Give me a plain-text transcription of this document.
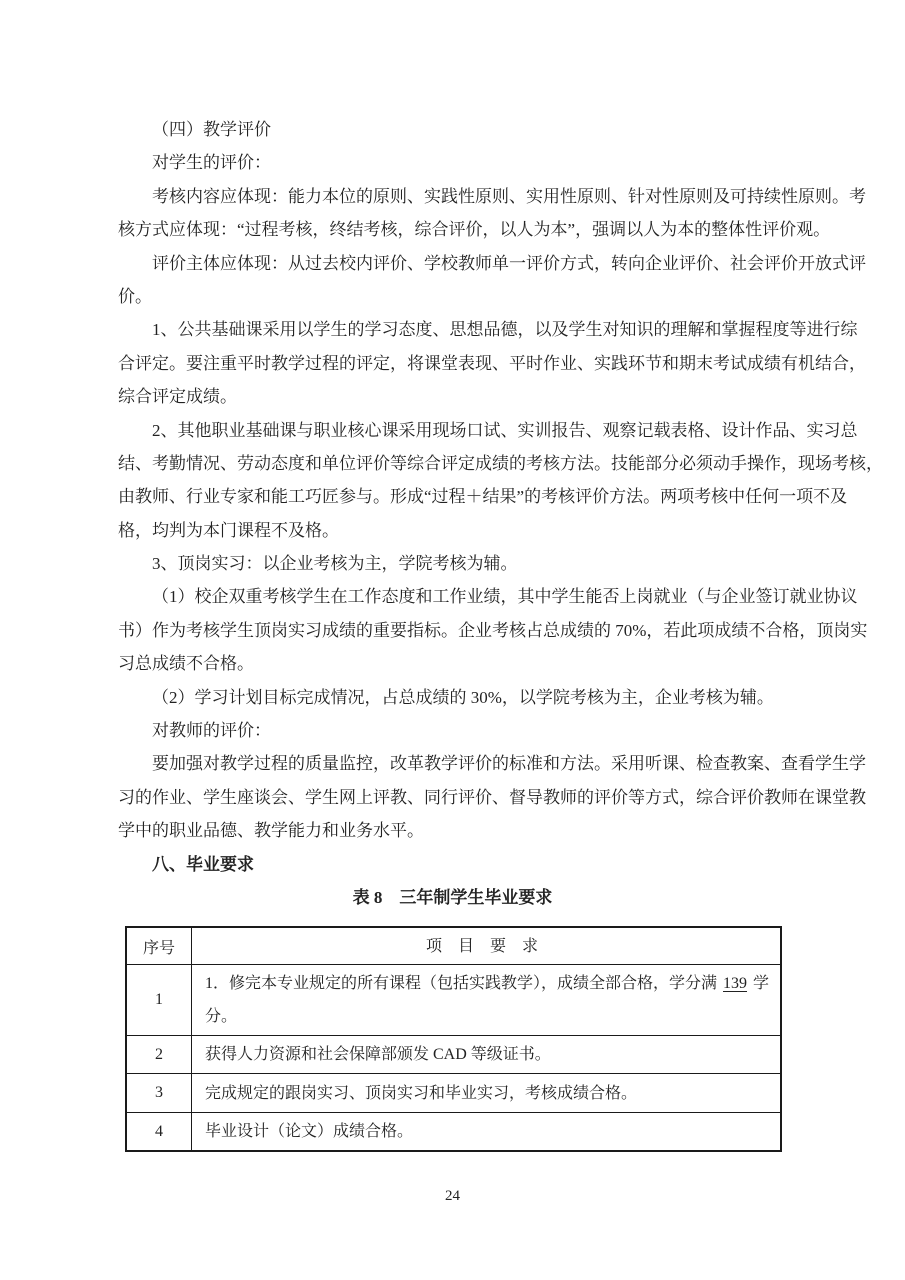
（四）教学评价
对学生的评价：
考核内容应体现：能力本位的原则、实践性原则、实用性原则、针对性原则及可持续性原则。考
核方式应体现：“过程考核，终结考核，综合评价，以人为本”，强调以人为本的整体性评价观。
评价主体应体现：从过去校内评价、学校教师单一评价方式，转向企业评价、社会评价开放式评
价。
1、公共基础课采用以学生的学习态度、思想品德，以及学生对知识的理解和掌握程度等进行综
合评定。要注重平时教学过程的评定，将课堂表现、平时作业、实践环节和期末考试成绩有机结合，
综合评定成绩。
2、其他职业基础课与职业核心课采用现场口试、实训报告、观察记载表格、设计作品、实习总
结、考勤情况、劳动态度和单位评价等综合评定成绩的考核方法。技能部分必须动手操作，现场考核，
由教师、行业专家和能工巧匠参与。形成“过程＋结果”的考核评价方法。两项考核中任何一项不及
格，均判为本门课程不及格。
3、顶岗实习：以企业考核为主，学院考核为辅。
（1）校企双重考核学生在工作态度和工作业绩，其中学生能否上岗就业（与企业签订就业协议
书）作为考核学生顶岗实习成绩的重要指标。企业考核占总成绩的 70%，若此项成绩不合格，顶岗实
习总成绩不合格。
（2）学习计划目标完成情况，占总成绩的 30%，以学院考核为主，企业考核为辅。
对教师的评价：
要加强对教学过程的质量监控，改革教学评价的标准和方法。采用听课、检查教案、查看学生学
习的作业、学生座谈会、学生网上评教、同行评价、督导教师的评价等方式，综合评价教师在课堂教
学中的职业品德、教学能力和业务水平。
八、毕业要求
表 8　三年制学生毕业要求
序号	项　目　要　求
1	1．修完本专业规定的所有课程（包括实践教学），成绩全部合格，学分满 139 学分。
2	获得人力资源和社会保障部颁发 CAD 等级证书。
3	完成规定的跟岗实习、顶岗实习和毕业实习，考核成绩合格。
4	毕业设计（论文）成绩合格。
24
